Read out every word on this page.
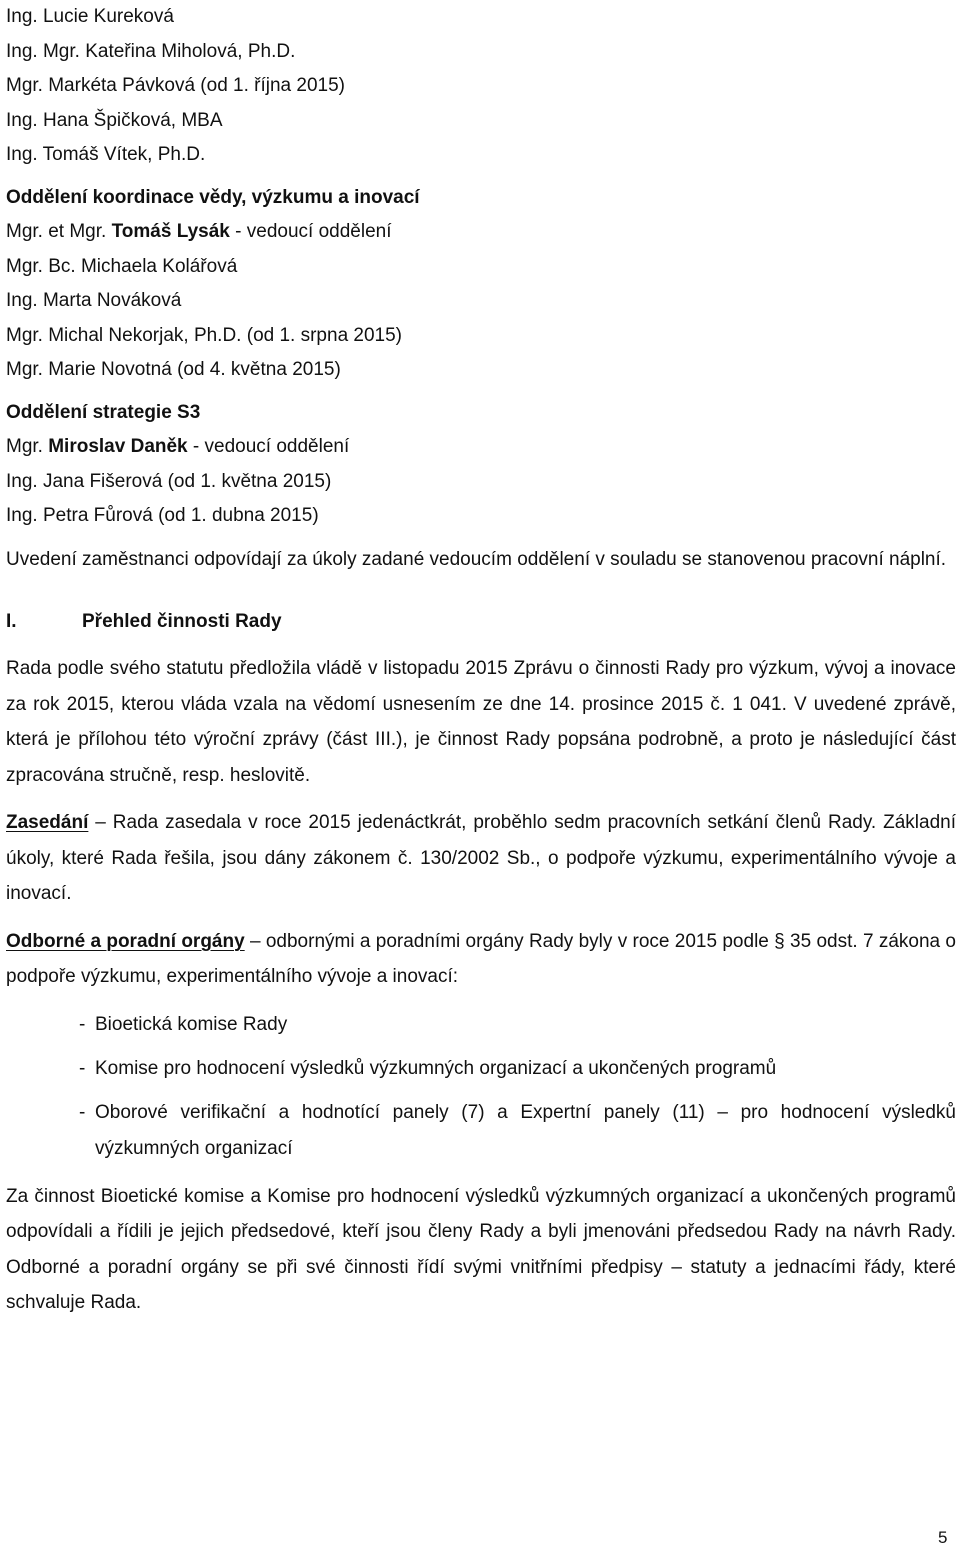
Ing. Lucie Kureková
Ing. Mgr. Kateřina Miholová, Ph.D.
Mgr. Markéta Pávková (od 1. října 2015)
Ing. Hana Špičková, MBA
Ing. Tomáš Vítek, Ph.D.
Oddělení koordinace vědy, výzkumu a inovací
Mgr. et Mgr. Tomáš Lysák - vedoucí oddělení
Mgr. Bc. Michaela Kolářová
Ing. Marta Nováková
Mgr. Michal Nekorjak, Ph.D. (od 1. srpna 2015)
Mgr. Marie Novotná (od 4. května 2015)
Oddělení strategie S3
Mgr. Miroslav Daněk - vedoucí oddělení
Ing. Jana Fišerová (od 1. května 2015)
Ing. Petra Fůrová (od 1. dubna 2015)
Uvedení zaměstnanci odpovídají za úkoly zadané vedoucím oddělení v souladu se stanovenou pracovní náplní.
I.	Přehled činnosti Rady
Rada podle svého statutu předložila vládě v listopadu 2015 Zprávu o činnosti Rady pro výzkum, vývoj a inovace za rok 2015, kterou vláda vzala na vědomí usnesením ze dne 14. prosince 2015 č. 1 041. V uvedené zprávě, která je přílohou této výroční zprávy (část III.), je činnost Rady popsána podrobně, a proto je následující část zpracována stručně, resp. heslovitě.
Zasedání – Rada zasedala v roce 2015 jedenáctkrát, proběhlo sedm pracovních setkání členů Rady. Základní úkoly, které Rada řešila, jsou dány zákonem č. 130/2002 Sb., o podpoře výzkumu, experimentálního vývoje a inovací.
Odborné a poradní orgány – odbornými a poradními orgány Rady byly v roce 2015 podle § 35 odst. 7 zákona o podpoře výzkumu, experimentálního vývoje a inovací:
- Bioetická komise Rady
- Komise pro hodnocení výsledků výzkumných organizací a ukončených programů
- Oborové verifikační a hodnotící panely (7) a Expertní panely (11) – pro hodnocení výsledků výzkumných organizací
Za činnost Bioetické komise a Komise pro hodnocení výsledků výzkumných organizací a ukončených programů odpovídali a řídili je jejich předsedové, kteří jsou členy Rady a byli jmenováni předsedou Rady na návrh Rady. Odborné a poradní orgány se při své činnosti řídí svými vnitřními předpisy – statuty a jednacími řády, které schvaluje Rada.
5
